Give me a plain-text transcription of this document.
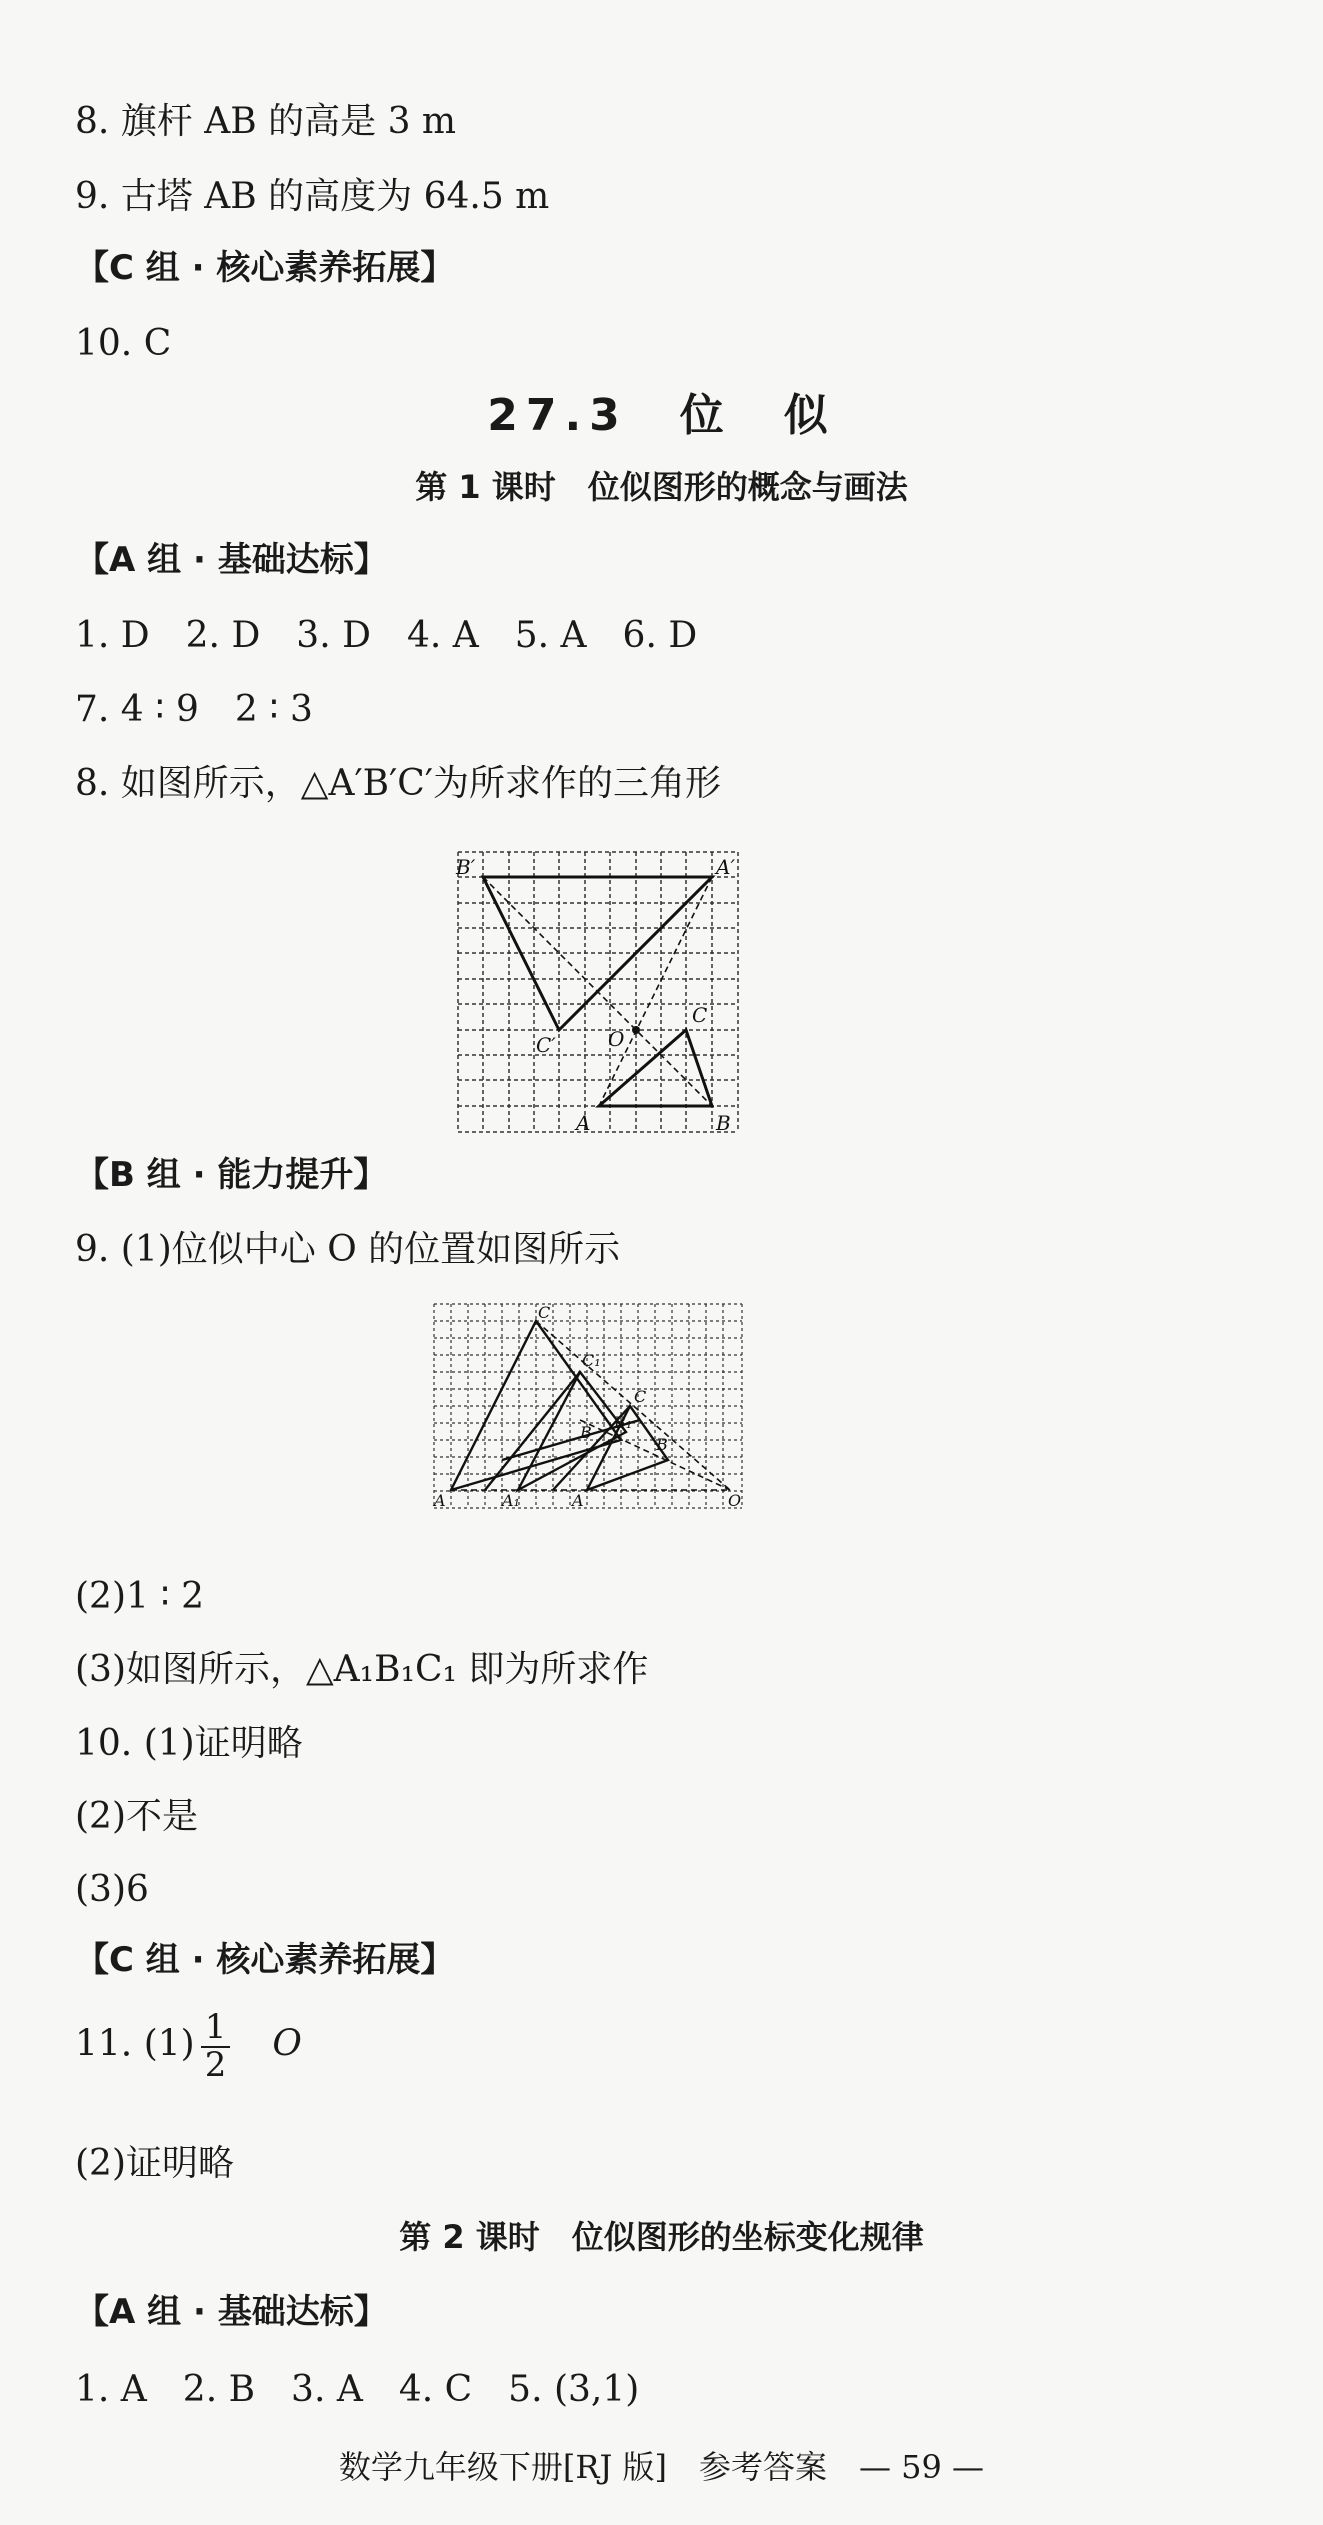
8. 旗杆 AB 的高是 3 m
9. 古塔 AB 的高度为 64.5 m
【C 组 · 核心素养拓展】
10. C
27.3　位　似
第 1 课时　位似图形的概念与画法
【A 组 · 基础达标】
1. D　2. D　3. D　4. A　5. A　6. D
7. 4 ∶ 9　2 ∶ 3
8. 如图所示，△A′B′C′为所求作的三角形
B′	A′
C′	O
C
A	B
【B 组 · 能力提升】
9. (1)位似中心 O 的位置如图所示
C
C₁
C
B
B₁
B
A	A₁	A	O
(2)1 ∶ 2
(3)如图所示，△A₁B₁C₁ 即为所求作
10. (1)证明略
(2)不是
(3)6
【C 组 · 核心素养拓展】
11. $(1) \frac{1}{2}$ O
(2)证明略
第 2 课时　位似图形的坐标变化规律
【A 组 · 基础达标】
1. A　2. B　3. A　4. C　5. (3,1)
数学九年级下册[RJ 版]　参考答案　— 59 —
